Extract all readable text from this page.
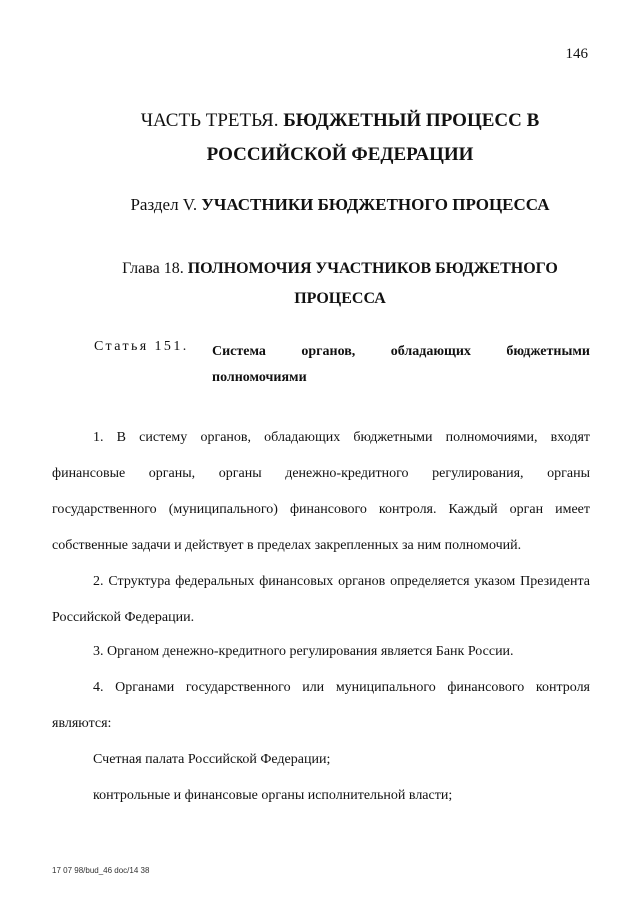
146
ЧАСТЬ ТРЕТЬЯ. БЮДЖЕТНЫЙ ПРОЦЕСС В
РОССИЙСКОЙ ФЕДЕРАЦИИ
Раздел V. УЧАСТНИКИ БЮДЖЕТНОГО ПРОЦЕССА
Глава 18. ПОЛНОМОЧИЯ УЧАСТНИКОВ БЮДЖЕТНОГО
ПРОЦЕССА
Статья 151. Система органов, обладающих бюджетными
полномочиями

1. В систему органов, обладающих бюджетными полномочиями, входят финансовые органы, органы денежно-кредитного регулирования, органы государственного (муниципального) финансового контроля. Каждый орган имеет собственные задачи и действует в пределах закрепленных за ним полномочий.

2. Структура федеральных финансовых органов определяется указом Президента Российской Федерации.

3. Органом денежно-кредитного регулирования является Банк России.

4. Органами государственного или муниципального финансового контроля являются:

Счетная палата Российской Федерации;

контрольные и финансовые органы исполнительной власти;

17 07 98/bud_46 doc/14 38
